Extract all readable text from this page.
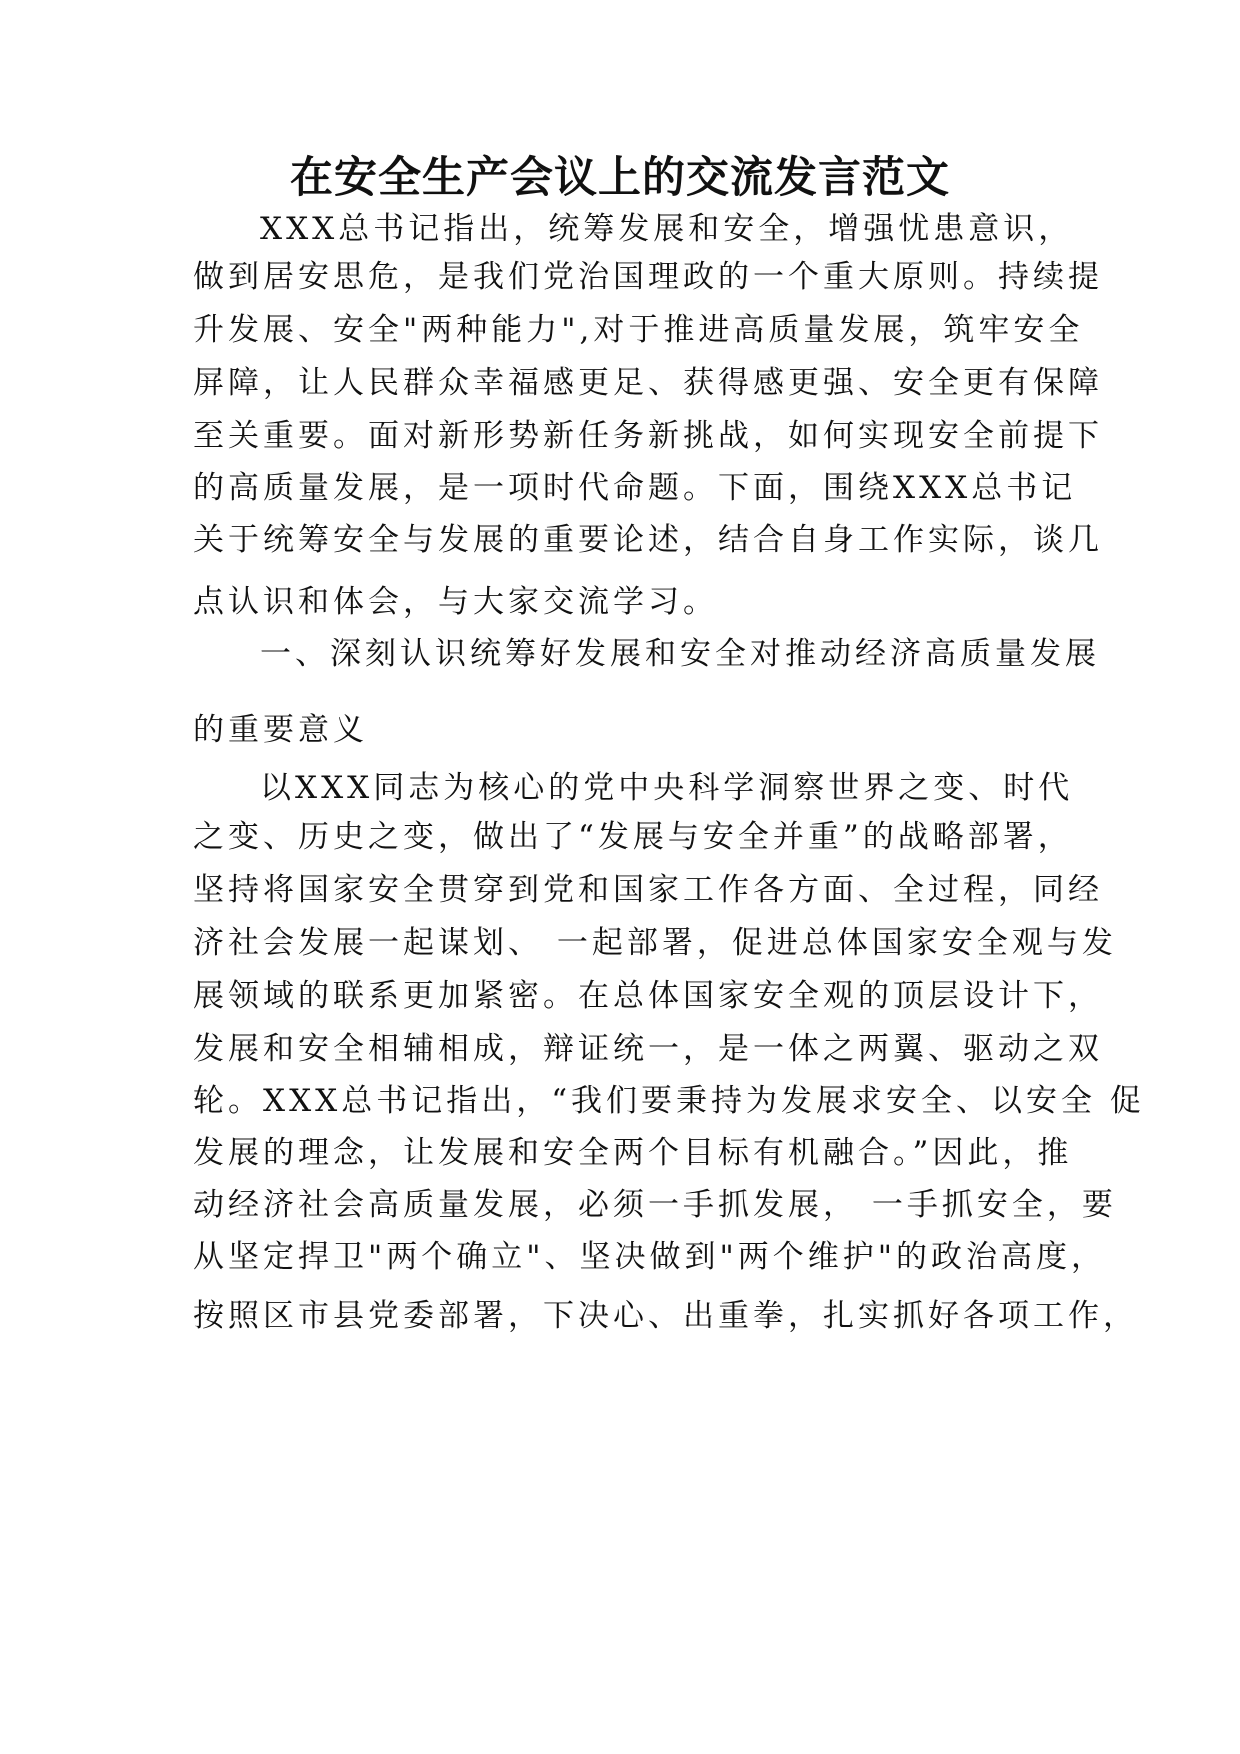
在安全生产会议上的交流发言范文

XXX总书记指出，统筹发展和安全，增强忧患意识，

做到居安思危，是我们党治国理政的一个重大原则。持续提

升发展、安全"两种能力",对于推进高质量发展，筑牢安全

屏障，让人民群众幸福感更足、获得感更强、安全更有保障

至关重要。面对新形势新任务新挑战，如何实现安全前提下

的高质量发展，是一项时代命题。下面，围绕XXX总书记

关于统筹安全与发展的重要论述，结合自身工作实际，谈几

点认识和体会，与大家交流学习。

一、深刻认识统筹好发展和安全对推动经济高质量发展

的重要意义

以XXX同志为核心的党中央科学洞察世界之变、时代

之变、历史之变，做出了“发展与安全并重”的战略部署，

坚持将国家安全贯穿到党和国家工作各方面、全过程，同经

济社会发展一起谋划、 一起部署，促进总体国家安全观与发

展领域的联系更加紧密。在总体国家安全观的顶层设计下，

发展和安全相辅相成，辩证统一，是一体之两翼、驱动之双

轮。XXX总书记指出，“我们要秉持为发展求安全、以安全 促

发展的理念，让发展和安全两个目标有机融合。”因此，推

动经济社会高质量发展，必须一手抓发展， 一手抓安全，要

从坚定捍卫"两个确立"、坚决做到"两个维护"的政治高度，

按照区市县党委部署，下决心、出重拳，扎实抓好各项工作，
